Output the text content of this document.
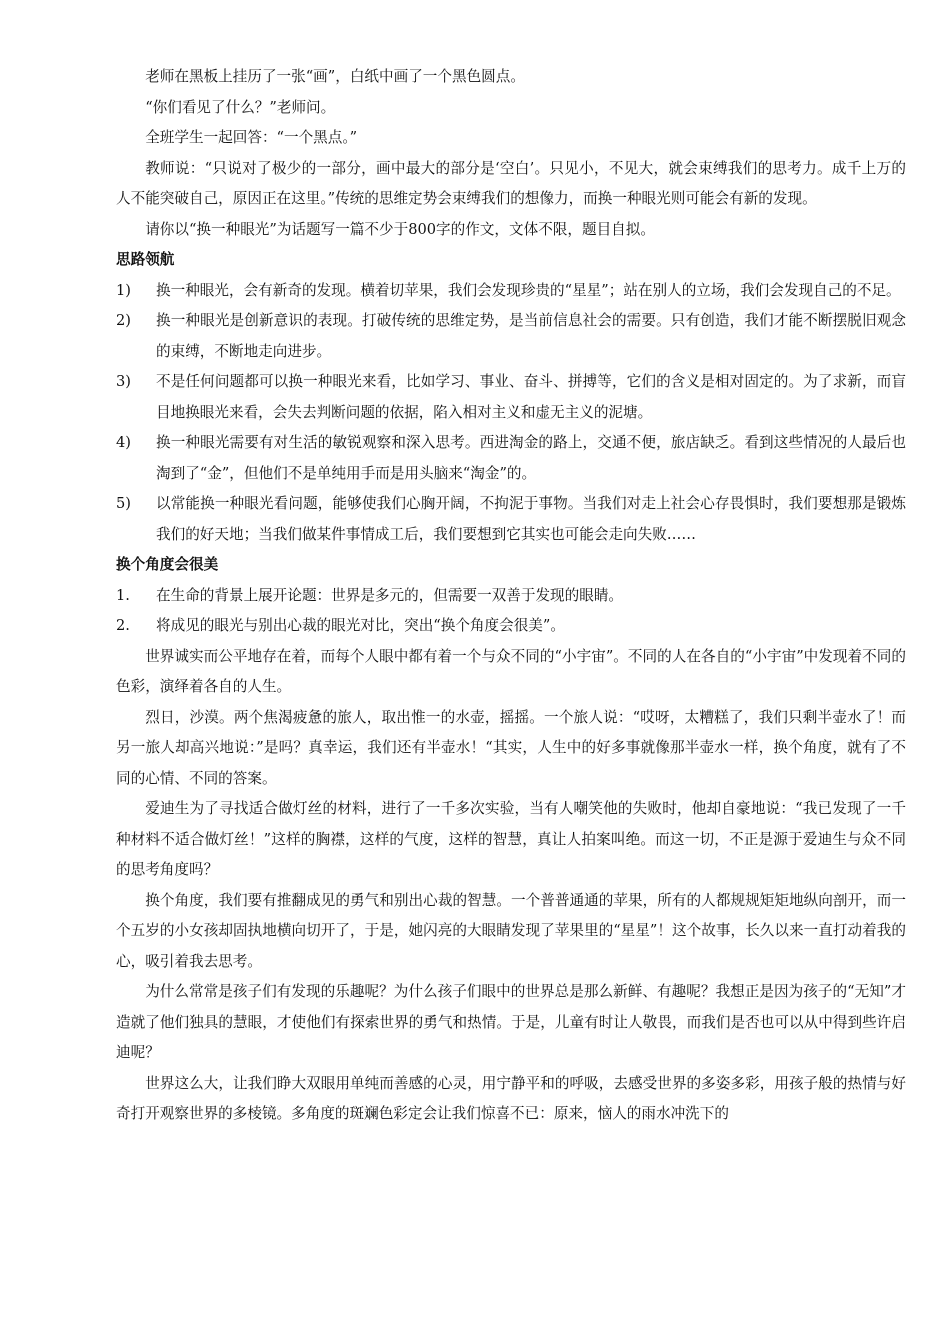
老师在黑板上挂历了一张“画”，白纸中画了一个黑色圆点。

“你们看见了什么？”老师问。

全班学生一起回答：“一个黑点。”

教师说：“只说对了极少的一部分，画中最大的部分是‘空白’。只见小，不见大，就会束缚我们的思考力。成千上万的人不能突破自己，原因正在这里。”传统的思维定势会束缚我们的想像力，而换一种眼光则可能会有新的发现。

请你以“换一种眼光”为话题写一篇不少于800字的作文，文体不限，题目自拟。

思路领航

1)	换一种眼光，会有新奇的发现。横着切苹果，我们会发现珍贵的“星星”；站在别人的立场，我们会发现自己的不足。
2)	换一种眼光是创新意识的表现。打破传统的思维定势，是当前信息社会的需要。只有创造，我们才能不断摆脱旧观念的束缚，不断地走向进步。
3)	不是任何问题都可以换一种眼光来看，比如学习、事业、奋斗、拼搏等，它们的含义是相对固定的。为了求新，而盲目地换眼光来看，会失去判断问题的依据，陷入相对主义和虚无主义的泥塘。
4)	换一种眼光需要有对生活的敏锐观察和深入思考。西进淘金的路上，交通不便，旅店缺乏。看到这些情况的人最后也淘到了“金”，但他们不是单纯用手而是用头脑来“淘金”的。
5)	以常能换一种眼光看问题，能够使我们心胸开阔，不拘泥于事物。当我们对走上社会心存畏惧时，我们要想那是锻炼我们的好天地；当我们做某件事情成工后，我们要想到它其实也可能会走向失败……

换个角度会很美

1.	在生命的背景上展开论题：世界是多元的，但需要一双善于发现的眼睛。
2.	将成见的眼光与别出心裁的眼光对比，突出“换个角度会很美”。

世界诚实而公平地存在着，而每个人眼中都有着一个与众不同的“小宇宙”。不同的人在各自的“小宇宙”中发现着不同的色彩，演绎着各自的人生。

烈日，沙漠。两个焦渴疲惫的旅人，取出惟一的水壶，摇摇。一个旅人说：“哎呀，太糟糕了，我们只剩半壶水了！而另一旅人却高兴地说：”是吗？真幸运，我们还有半壶水！“其实，人生中的好多事就像那半壶水一样，换个角度，就有了不同的心情、不同的答案。

爱迪生为了寻找适合做灯丝的材料，进行了一千多次实验，当有人嘲笑他的失败时，他却自豪地说：“我已发现了一千种材料不适合做灯丝！”这样的胸襟，这样的气度，这样的智慧，真让人拍案叫绝。而这一切，不正是源于爱迪生与众不同的思考角度吗？

换个角度，我们要有推翻成见的勇气和别出心裁的智慧。一个普普通通的苹果，所有的人都规规矩矩地纵向剖开，而一个五岁的小女孩却固执地横向切开了，于是，她闪亮的大眼睛发现了苹果里的“星星”！这个故事，长久以来一直打动着我的心，吸引着我去思考。

为什么常常是孩子们有发现的乐趣呢？为什么孩子们眼中的世界总是那么新鲜、有趣呢？我想正是因为孩子的“无知”才造就了他们独具的慧眼，才使他们有探索世界的勇气和热情。于是，儿童有时让人敬畏，而我们是否也可以从中得到些许启迪呢？

世界这么大，让我们睁大双眼用单纯而善感的心灵，用宁静平和的呼吸，去感受世界的多姿多彩，用孩子般的热情与好奇打开观察世界的多棱镜。多角度的斑斓色彩定会让我们惊喜不已：原来，恼人的雨水冲洗下的
